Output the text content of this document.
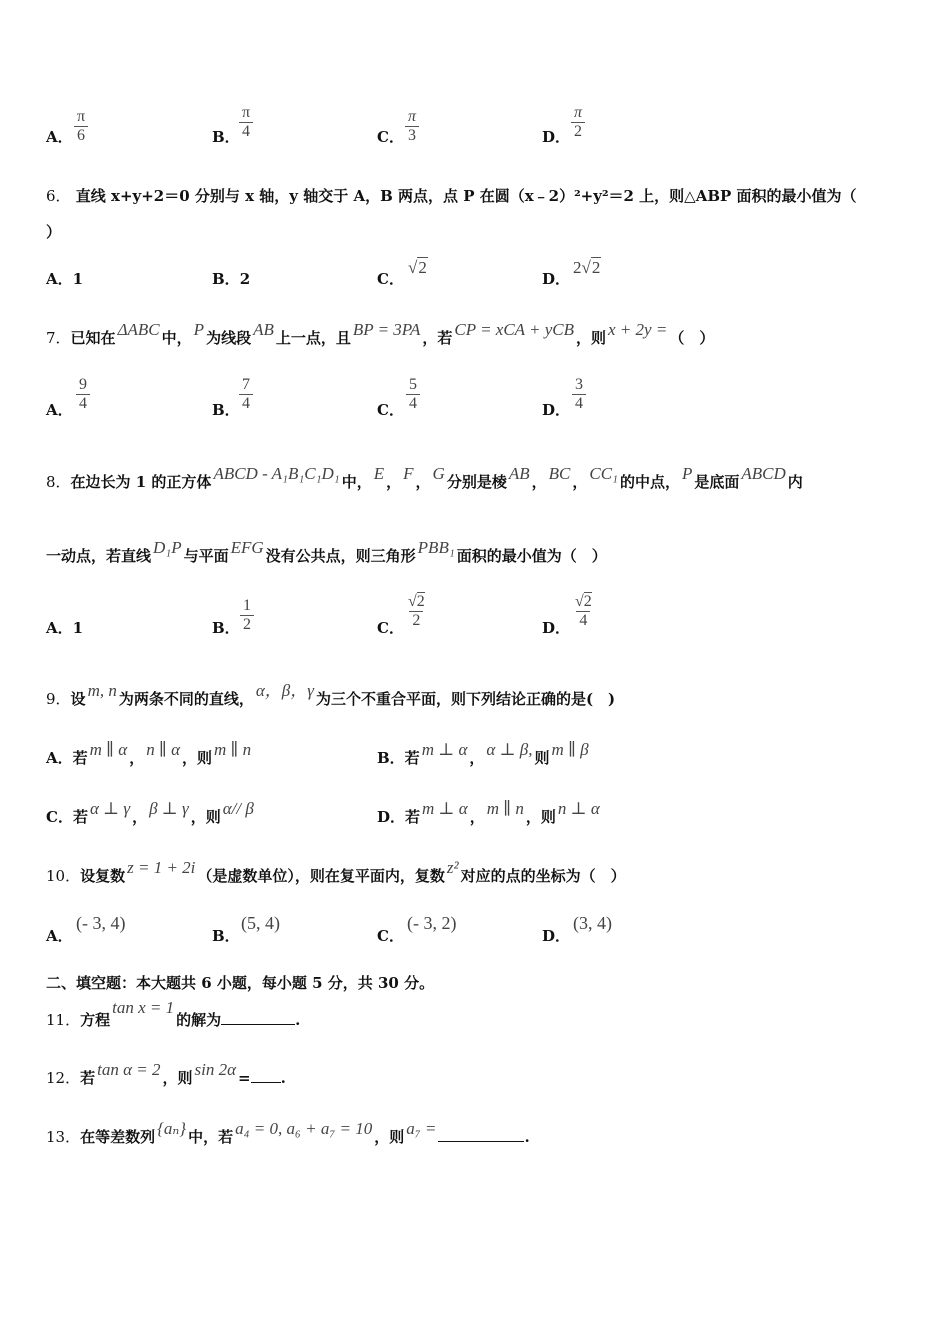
A． $\frac{\pi}{6}$	B． $\frac{\pi}{4}$	C． $\frac{\pi}{3}$	D． $\frac{\pi}{2}$
6． 直线 x+y+2＝0 分别与 x 轴，y 轴交于 A，B 两点，点 P 在圆（x﹣2）²+y²＝2 上，则△ABP 面积的最小值为（
）
A．1	B．2	C．
√2
D．
2√2
7．已知在 ΔABC 中， P 为线段 AB 上一点，且 BP = 3PA ，若 CP = xCA + yCB ，则 x + 2y = （　）
A． $\frac{9}{4}$	B． $\frac{7}{4}$	C． $\frac{5}{4}$	D． $\frac{3}{4}$
8．在边长为 1 的正方体 ABCD - A₁B₁C₁D₁ 中， E ， F ， G 分别是棱 AB ， BC ， CC₁ 的中点， P 是底面 ABCD 内
一动点，若直线 D₁P 与平面 EFG 没有公共点，则三角形 PBB₁ 面积的最小值为（　）
A．1	B． $\frac{1}{2}$	C． $\frac{√2}{2}$	D． $\frac{√2}{4}$
9．设 m, n 为两条不同的直线， α，β，γ 为三个不重合平面，则下列结论正确的是(　)
A．若 m ∥ α ， n ∥ α ，则 m ∥ n	B．若 m ⊥ α ， α ⊥ β, 则 m ∥ β
C．若 α ⊥ γ ， β ⊥ γ ，则 α// β	D．若 m ⊥ α ， m ∥ n ，则 n ⊥ α
10．设复数 z = 1 + 2i （是虚数单位），则在复平面内，复数 z² 对应的点的坐标为（　）
A．
(- 3, 4)
B．
(5, 4)
C．
(- 3, 2)
D．
(3, 4)
二、填空题：本大题共 6 小题，每小题 5 分，共 30 分。
11．方程tan x = 1的解为	.
12．若 tan α = 2 ，则 sin 2α = .
13．在等差数列 {aₙ} 中，若 a₄ = 0, a₆ + a₇ = 10 ，则 a₇ =	.
